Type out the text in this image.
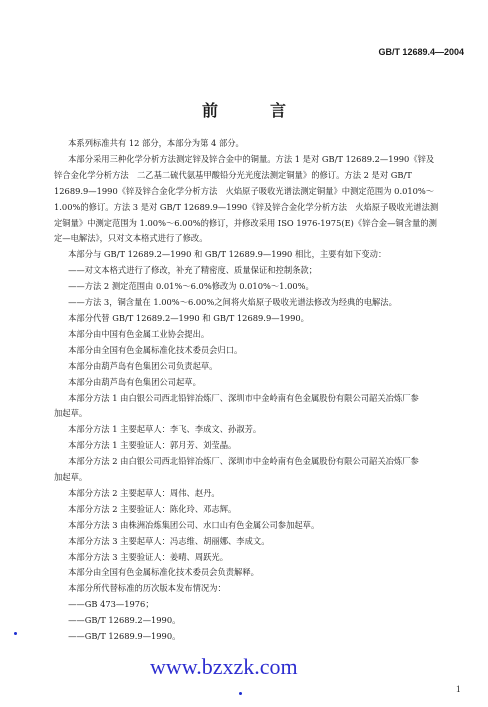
GB/T 12689.4—2004
前　言

本系列标准共有 12 部分，本部分为第 4 部分。

本部分采用三种化学分析方法测定锌及锌合金中的铜量。方法 1 是对 GB/T 12689.2—1990《锌及

锌合金化学分析方法　二乙基二硫代氨基甲酸铅分光光度法测定铜量》的修订。方法 2 是对 GB/T

12689.9—1990《锌及锌合金化学分析方法　火焰原子吸收光谱法测定铜量》中测定范围为 0.010%～

1.00%的修订。方法 3 是对 GB/T 12689.9—1990《锌及锌合金化学分析方法　火焰原子吸收光谱法测

定铜量》中测定范围为 1.00%～6.00%的修订，并修改采用 ISO 1976-1975(E)《锌合金—铜含量的测

定—电解法》，只对文本格式进行了修改。

本部分与 GB/T 12689.2—1990 和 GB/T 12689.9—1990 相比，主要有如下变动：

——对文本格式进行了修改，补充了精密度、质量保证和控制条款；

——方法 2 测定范围由 0.01%～6.0%修改为 0.010%～1.00%。

——方法 3，铜含量在 1.00%～6.00%之间将火焰原子吸收光谱法修改为经典的电解法。

本部分代替 GB/T 12689.2—1990 和 GB/T 12689.9—1990。

本部分由中国有色金属工业协会提出。

本部分由全国有色金属标准化技术委员会归口。

本部分由葫芦岛有色集团公司负责起草。

本部分由葫芦岛有色集团公司起草。

本部分方法 1 由白银公司西北铅锌冶炼厂、深圳市中金岭南有色金属股份有限公司韶关冶炼厂参

加起草。

本部分方法 1 主要起草人：李飞、李成文、孙淑芳。

本部分方法 1 主要验证人：郭月芳、刘莹晶。

本部分方法 2 由白银公司西北铅锌冶炼厂、深圳市中金岭南有色金属股份有限公司韶关冶炼厂参

加起草。

本部分方法 2 主要起草人：周伟、赵丹。

本部分方法 2 主要验证人：陈化玲、邓志辉。

本部分方法 3 由株洲冶炼集团公司、水口山有色金属公司参加起草。

本部分方法 3 主要起草人：冯志维、胡丽娜、李成文。

本部分方法 3 主要验证人：姜晴、周跃光。

本部分由全国有色金属标准化技术委员会负责解释。

本部分所代替标准的历次版本发布情况为：

——GB 473—1976；

——GB/T 12689.2—1990。

——GB/T 12689.9—1990。

www.bzxzk.com
1
